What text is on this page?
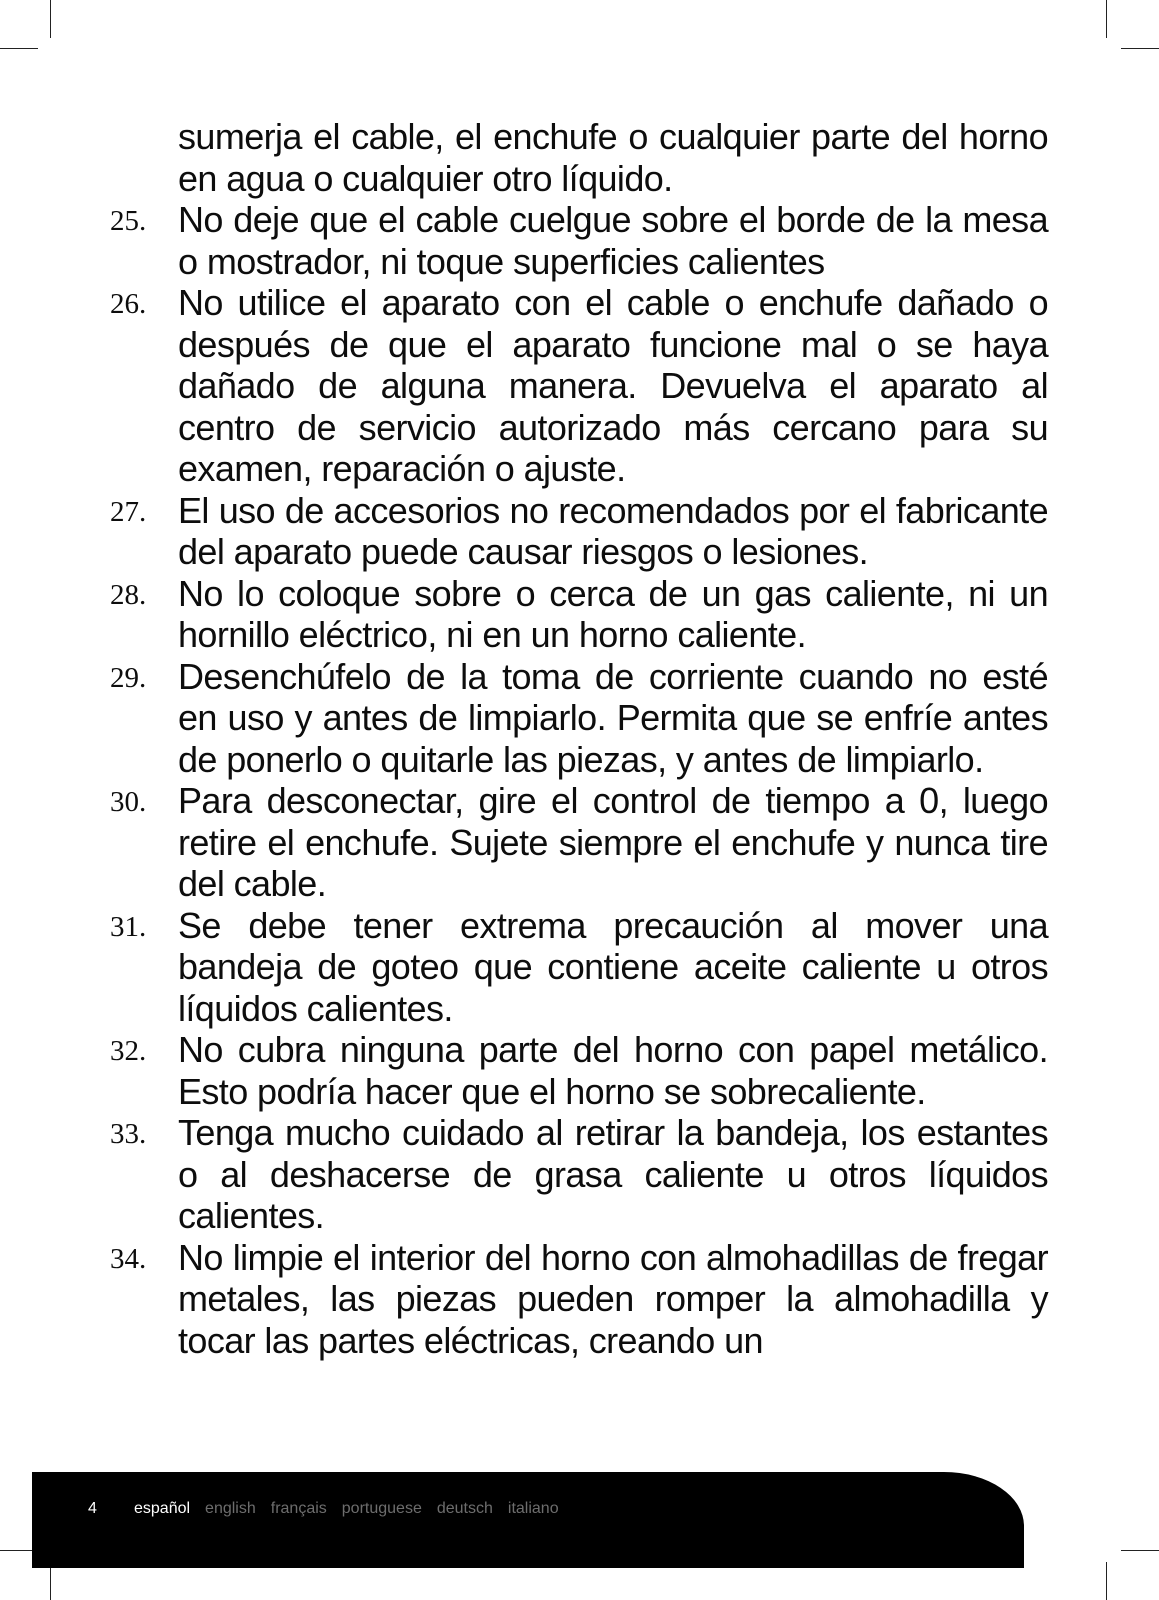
sumerja el cable, el enchufe o cualquier parte del horno en agua o cualquier otro líquido.
25. No deje que el cable cuelgue sobre el borde de la mesa o mostrador, ni toque superficies calientes
26. No utilice el aparato con el cable o enchufe dañado o después de que el aparato funcione mal o se haya dañado de alguna manera. Devuelva el aparato al centro de servicio autorizado más cercano para su examen, reparación o ajuste.
27. El uso de accesorios no recomendados por el fabricante del aparato puede causar riesgos o lesiones.
28. No lo coloque sobre o cerca de un gas caliente, ni un hornillo eléctrico, ni en un horno caliente.
29. Desenchúfelo de la toma de corriente cuando no esté en uso y antes de limpiarlo. Permita que se enfríe antes de ponerlo o quitarle las piezas, y antes de limpiarlo.
30. Para desconectar, gire el control de tiempo a 0, luego retire el enchufe. Sujete siempre el enchufe y nunca tire del cable.
31. Se debe tener extrema precaución al mover una bandeja de goteo que contiene aceite caliente u otros líquidos calientes.
32. No cubra ninguna parte del horno con papel metálico. Esto podría hacer que el horno se sobrecaliente.
33. Tenga mucho cuidado al retirar la bandeja, los estantes o al deshacerse de grasa caliente u otros líquidos calientes.
34. No limpie el interior del horno con almohadillas de fregar metales, las piezas pueden romper la almohadilla y tocar las partes eléctricas, creando un
4 español english français portuguese deutsch italiano
